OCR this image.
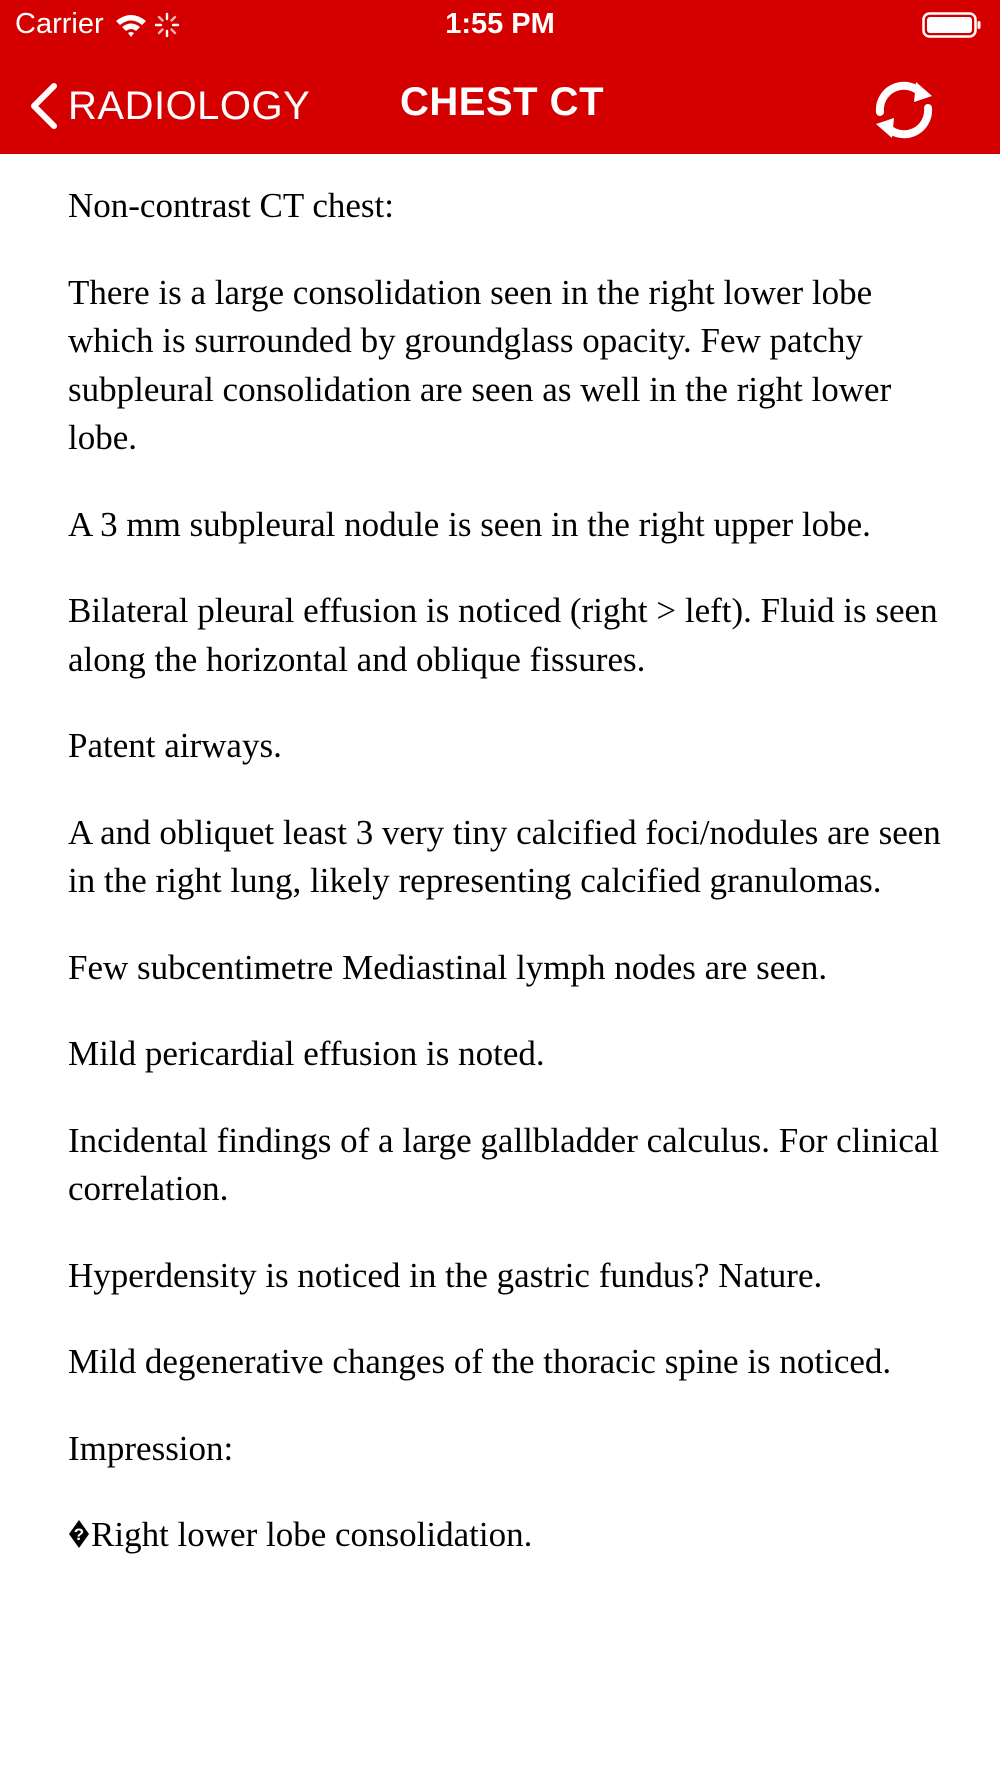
Carrier	1:55 PM
RADIOLOGY CHEST CT

Non-contrast CT chest:

There is a large consolidation seen in the right lower lobe which is surrounded by groundglass opacity. Few patchy subpleural consolidation are seen as well in the right lower lobe.

A 3 mm subpleural nodule is seen in the right upper lobe.

Bilateral pleural effusion is noticed (right > left). Fluid is seen along the horizontal and oblique fissures.

Patent airways.

A and obliquet least 3 very tiny calcified foci/nodules are seen in the right lung, likely representing calcified granulomas.

Few subcentimetre Mediastinal lymph nodes are seen.

Mild pericardial effusion is noted.

Incidental findings of a large gallbladder calculus. For clinical correlation.

Hyperdensity is noticed in the gastric fundus? Nature.

Mild degenerative changes of the thoracic spine is noticed.

Impression:

? Right lower lobe consolidation.
